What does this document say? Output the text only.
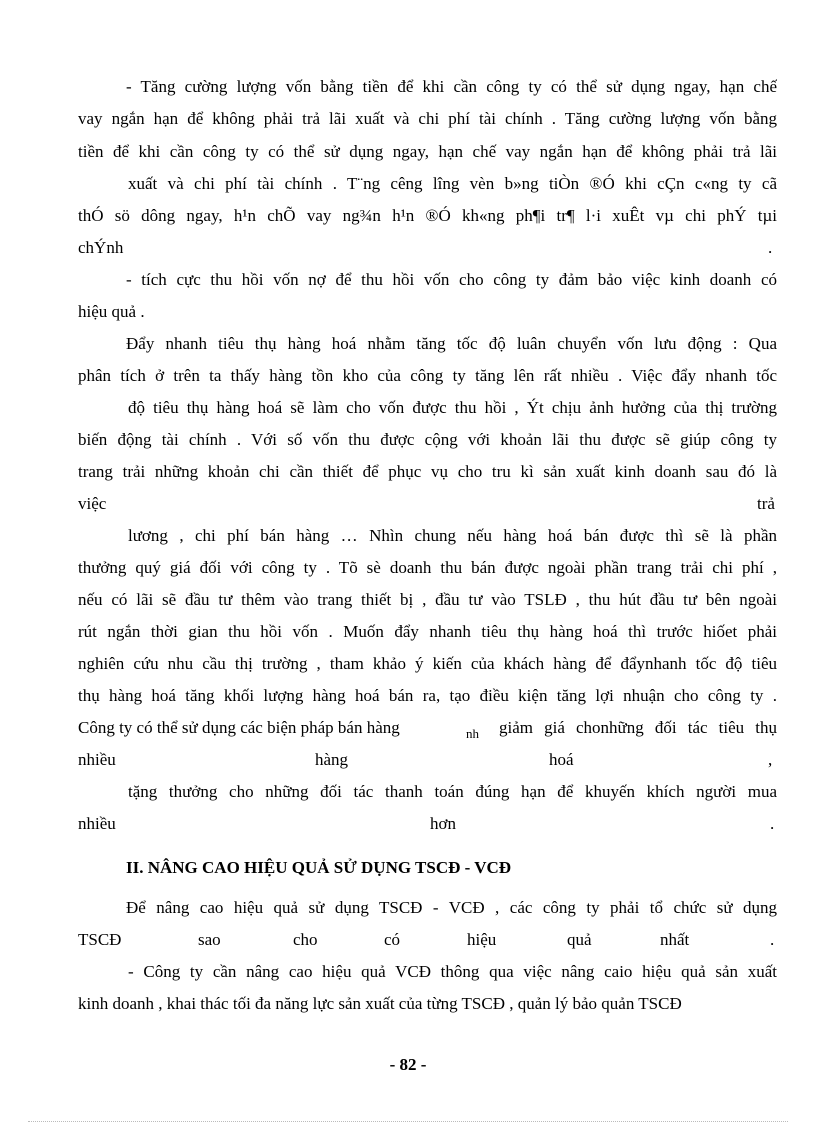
- Tăng cường lượng vốn bằng tiền để khi cần công ty có thể sử dụng ngay, hạn chế
vay ngắn hạn để không phải trả lãi xuất và chi phí tài chính . Tăng cường lượng vốn bằng
tiền để khi cần công ty có thể sử dụng ngay, hạn chế vay ngắn hạn để không phải trả lãi
xuất và chi phí tài chính . T¨ng cêng lîng vèn b»ng tiÒn ®Ó khi cÇn c«ng ty cã
thÓ sö dông ngay, h¹n chÕ vay ng¾n h¹n ®Ó kh«ng ph¶i tr¶ l·i xuÊt vµ chi phÝ tµi
chÝnh	.
- tích cực thu hồi vốn nợ để thu hồi vốn cho công ty đảm bảo việc kinh doanh có
hiệu quả .
Đẩy nhanh tiêu thụ hàng hoá nhằm tăng tốc độ luân chuyển vốn lưu động : Qua
phân tích ở trên ta thấy hàng tồn kho của công ty tăng lên rất nhiều . Việc đẩy nhanh tốc
độ tiêu thụ hàng hoá sẽ làm cho vốn được thu hồi , Ýt chịu ảnh hưởng của thị trường
biến động tài chính . Với số vốn thu được cộng với khoản lãi thu được sẽ giúp công ty
trang trải những khoản chi cần thiết để phục vụ cho tru kì sản xuất kinh doanh sau đó là
việc	trả
lương , chi phí bán hàng … Nhìn chung nếu hàng hoá bán được thì sẽ là phần
thưởng quý giá đối với công ty . Tõ sè doanh thu bán được ngoài phần trang trải chi phí ,
nếu có lãi sẽ đầu tư thêm vào trang thiết bị , đầu tư vào TSLĐ , thu hút đầu tư bên ngoài
rút ngắn thời gian thu hồi vốn . Muốn đẩy nhanh tiêu thụ hàng hoá thì trước hiốet phải
nghiên cứu nhu cầu thị trường , tham khảo ý kiến của khách hàng để đẩynhanh tốc độ tiêu
thụ hàng hoá tăng khối lượng hàng hoá bán ra, tạo điều kiện tăng lợi nhuận cho công ty .
Công ty có thể sử dụng các biện pháp bán hàng	nh	giảm giá chonhững đối tác tiêu thụ
nhiều	hàng	hoá	,
tặng thưởng cho những đối tác thanh toán đúng hạn để khuyến khích người mua
nhiều	hơn	.
II. NÂNG CAO HIỆU QUẢ SỬ DỤNG TSCĐ - VCĐ
Để nâng cao hiệu quả sử dụng TSCĐ - VCĐ , các công ty phải tổ chức sử dụng
TSCĐ	sao	cho	có	hiệu	quả	nhất	.
- Công ty cần nâng cao hiệu quả VCĐ thông qua việc nâng caio hiệu quả sản xuất
kinh doanh , khai thác tối đa năng lực sản xuất của từng TSCĐ , quản lý bảo quản TSCĐ
- 82 -
